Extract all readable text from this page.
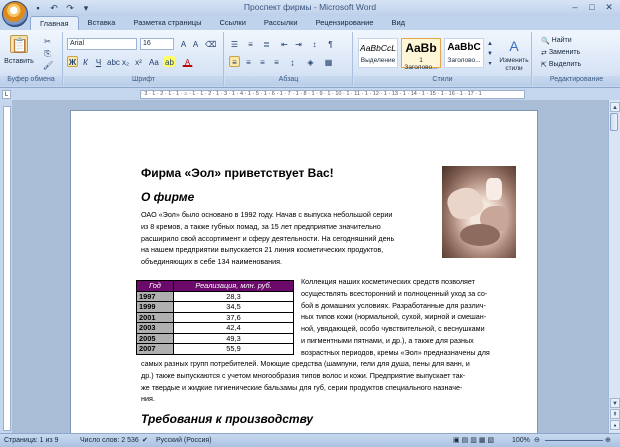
Проспект фирмы - Microsoft Word
▪	↶ ↷	▾	–	□	✕
Главная	Вставка	Разметка страницы	Ссылки	Рассылки	Рецензирование	Вид
📋
Вставить
✂
⎘
🖌
Буфер обмена
Arial	16	A A ⌫
Ж К Ч abc x₂ x² Aa ab	A
Шрифт
☰	≡	≣ ⇤ ⇥	↕	¶
≡	≡	≡	≡	↨	◈	▦
Абзац
AaBbCcL
Выделение
AaBb
1 Заголово...
AaBbC
Заголово...
▲
▼
▾
A
Изменить стили
Стили
🔍
Найти
⇄
Заменить
⇱
Выделить
Редактирование
L	· 3 · 1 · 2 · 1 · 1 · ⌂ · 1 · 1 · 2 · 1 · 3 · 1 · 4 · 1 · 5 · 1 · 6 · 1 · 7 · 1 · 8 · 1 · 9 · 1 · 10 · 1 · 11 · 1 · 12 · 1 · 13 · 1 · 14 · 1 · 15 · 1 · 16 · 1 · 17 · 1
Фирма «Эол» приветствует Вас!
О фирме
ОАО «Эол» было основано в 1992 году. Начав с выпуска небольшой серии
из 8 кремов, а также губных помад, за 15 лет предприятие значительно
расширило свой ассортимент и сферу деятельности. На сегодняшний день
на нашем предприятии выпускается 21 линия косметических продуктов,
объединяющих в себе 134 наименования.
Год	Реализация, млн. руб.
1997	28,3
1999	34,5
2001	37,6
2003	42,4
2005	49,3
2007	55,9
Коллекция наших косметических средств позволяет
осуществлять всесторонний и полноценный уход за со-
бой в домашних условиях. Разработанные для различ-
ных типов кожи (нормальной, сухой, жирной и смешан-
ной, увядающей, особо чувствительной, с веснушками
и пигментными пятнами, и др.), а также для разных
возрастных периодов, кремы «Эол» предназначены для
самых разных групп потребителей. Моющие средства (шампуни, гели для душа, пены для ванн, и
др.) также выпускаются с учетом многообразия типов волос и кожи. Предприятие выпускает так-
же твердые и жидкие гигиенические бальзамы для губ, серии продуктов специального назначе-
ния.
Требования к производству
▲
▼
⇞
●
Страница: 1 из 9	Число слов: 2 536 ✔ Русский (Россия)	▣▤▥▦▧ 100% ⊖	⊕
